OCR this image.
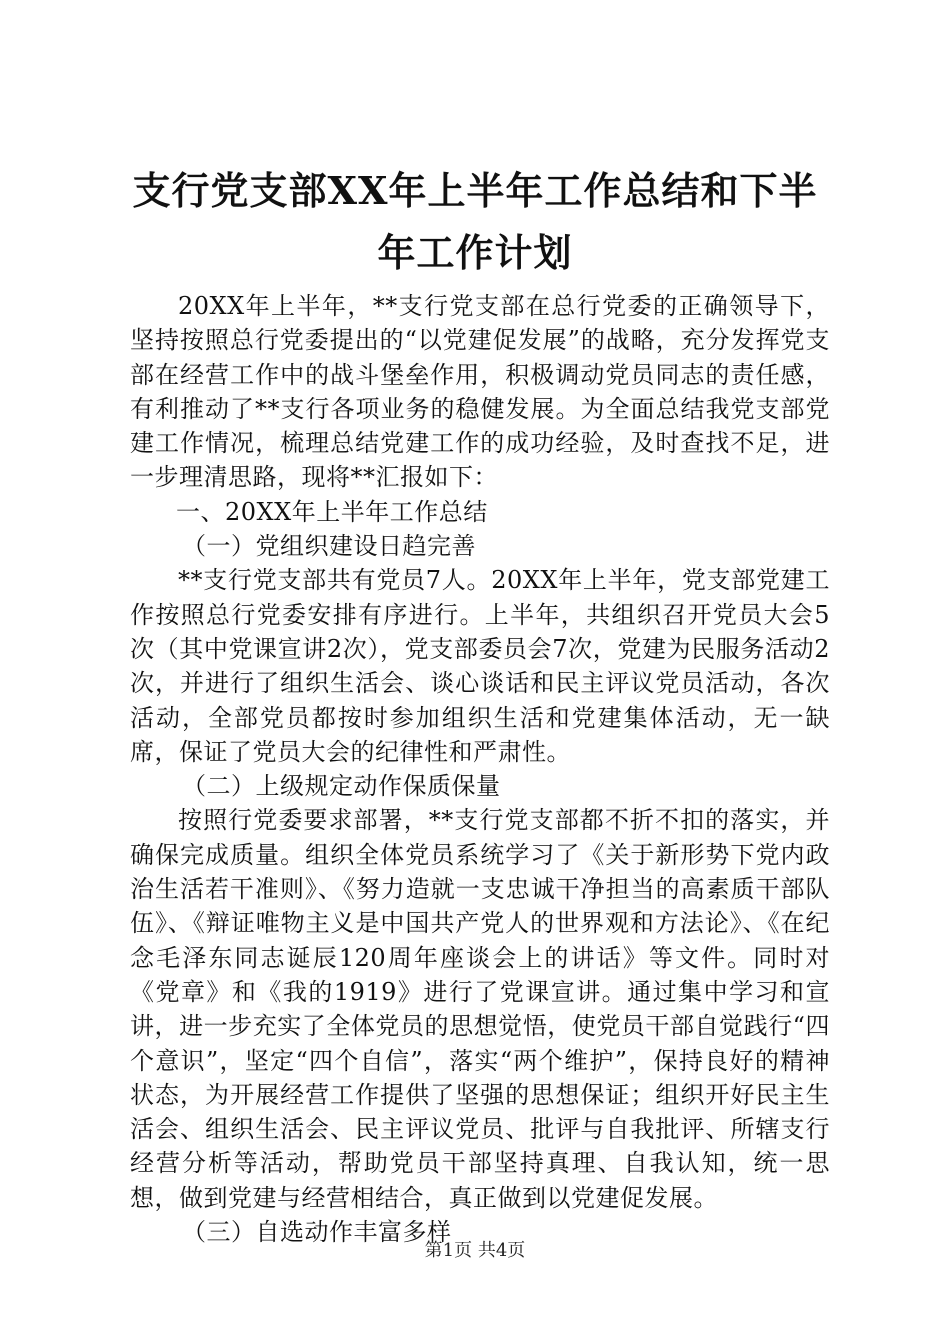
支行党支部XX年上半年工作总结和下半年工作计划

20XX年上半年，**支行党支部在总行党委的正确领导下，坚持按照总行党委提出的“以党建促发展”的战略，充分发挥党支部在经营工作中的战斗堡垒作用，积极调动党员同志的责任感，有利推动了**支行各项业务的稳健发展。为全面总结我党支部党建工作情况，梳理总结党建工作的成功经验，及时查找不足，进一步理清思路，现将**汇报如下：

一、20XX年上半年工作总结

（一）党组织建设日趋完善

**支行党支部共有党员7人。20XX年上半年，党支部党建工作按照总行党委安排有序进行。上半年，共组织召开党员大会5次（其中党课宣讲2次），党支部委员会7次，党建为民服务活动2次，并进行了组织生活会、谈心谈话和民主评议党员活动，各次活动，全部党员都按时参加组织生活和党建集体活动，无一缺席，保证了党员大会的纪律性和严肃性。

（二）上级规定动作保质保量

按照行党委要求部署，**支行党支部都不折不扣的落实，并确保完成质量。组织全体党员系统学习了《关于新形势下党内政治生活若干准则》、《努力造就一支忠诚干净担当的高素质干部队伍》、《辩证唯物主义是中国共产党人的世界观和方法论》、《在纪念毛泽东同志诞辰120周年座谈会上的讲话》等文件。同时对《党章》和《我的1919》进行了党课宣讲。通过集中学习和宣讲，进一步充实了全体党员的思想觉悟，使党员干部自觉践行“四个意识”，坚定“四个自信”，落实“两个维护”，保持良好的精神状态，为开展经营工作提供了坚强的思想保证；组织开好民主生活会、组织生活会、民主评议党员、批评与自我批评、所辖支行经营分析等活动，帮助党员干部坚持真理、自我认知，统一思想，做到党建与经营相结合，真正做到以党建促发展。

（三）自选动作丰富多样

第1页 共4页
